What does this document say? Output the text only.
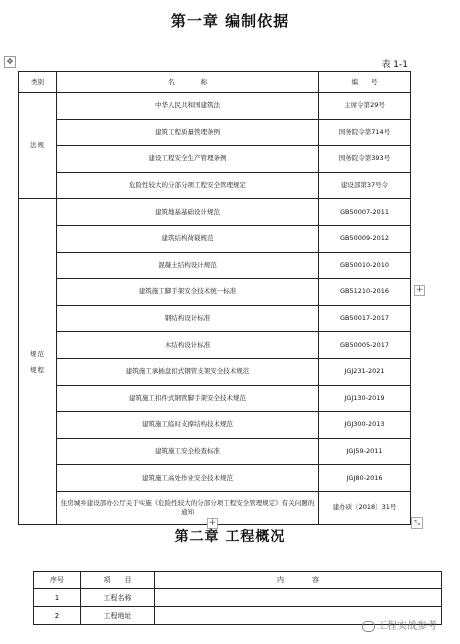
第一章 编制依据
✥	表 1-1
类别	名　　　　称	编　　号
法规	中华人民共和国建筑法	主席令第29号
	建筑工程质量管理条例	国务院令第714号
	建设工程安全生产管理条例	国务院令第393号
	危险性较大的分部分项工程安全管理规定	建设部第37号令

规范
规程	建筑地基基础设计规范	GB50007-2011
	建筑结构荷载规范	GB50009-2012
	混凝土结构设计规范	GB50010-2010
	建筑施工脚手架安全技术统一标准	GB51210-2016
	钢结构设计标准	GB50017-2017
	木结构设计标准	GB50005-2017
	建筑施工承插盘扣式钢管支架安全技术规范	JGJ231-2021
	建筑施工扣件式钢管脚手架安全技术规范	JGJ130-2019
	建筑施工临时支撑结构技术规范	JGJ300-2013
	建筑施工安全检查标准	JGJ59-2011
	建筑施工高处作业安全技术规范	JGJ80-2016
	住房城乡建设部办公厅关于实施《危险性较大的分部分项工程安全管理规定》有关问题的通知	建办质〔2018〕31号
+
+	⤡
第二章 工程概况
序号	项　　目	内　　　　容
1	工程名称	
2	工程地址	
工程实战参考
